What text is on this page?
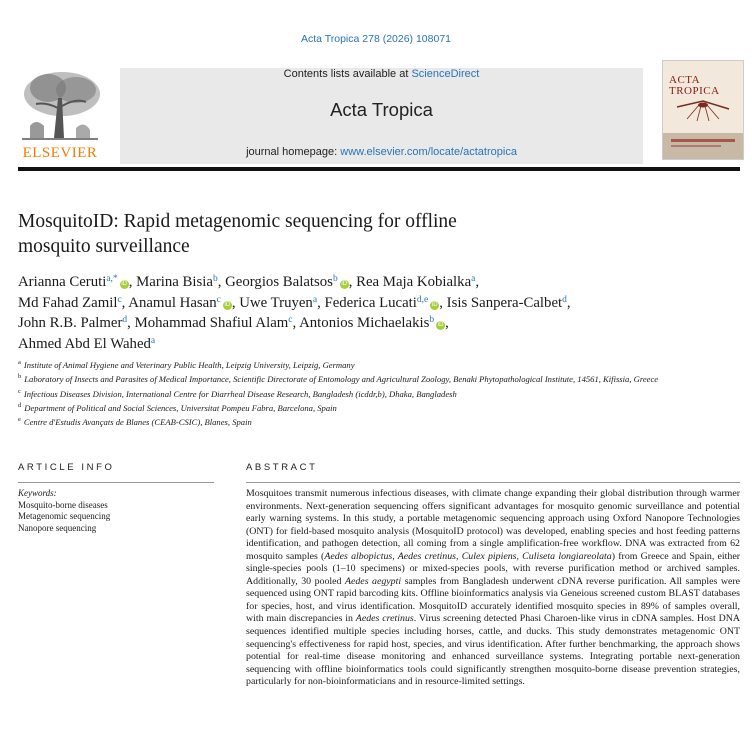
Acta Tropica 278 (2026) 108071
ELSEVIER
Contents lists available at ScienceDirect
Acta Tropica
journal homepage: www.elsevier.com/locate/actatropica
ACTA
TROPICA
MosquitoID: Rapid metagenomic sequencing for offline
mosquito surveillance
Arianna Ceruti$^{a,*}$ iD , Marina Bisia$^b$, Georgios Balatsos$^b$ iD , Rea Maja Kobialka$^a$,
Md Fahad Zamil$^c$, Anamul Hasan$^c$ iD , Uwe Truyen$^a$, Federica Lucati$^{d,e}$ iD , Isis Sanpera-Calbet$^d$,
John R.B. Palmer$^d$, Mohammad Shafiul Alam$^c$, Antonios Michaelakis$^b$ iD ,
Ahmed Abd El Wahed$^a$
$^a$ Institute of Animal Hygiene and Veterinary Public Health, Leipzig University, Leipzig, Germany
$^b$ Laboratory of Insects and Parasites of Medical Importance, Scientific Directorate of Entomology and Agricultural Zoology, Benaki Phytopathological Institute, 14561, Kifissia, Greece
$^c$ Infectious Diseases Division, International Centre for Diarrheal Disease Research, Bangladesh (icddr,b), Dhaka, Bangladesh
$^d$ Department of Political and Social Sciences, Universitat Pompeu Fabra, Barcelona, Spain
$^e$ Centre d'Estudis Avançats de Blanes (CEAB-CSIC), Blanes, Spain
ARTICLE INFO	ABSTRACT
Keywords:
Mosquito-borne diseases
Metagenomic sequencing
Nanopore sequencing
Mosquitoes transmit numerous infectious diseases, with climate change expanding their global distribution through warmer environments. Next-generation sequencing offers significant advantages for mosquito genomic surveillance and potential early warning systems. In this study, a portable metagenomic sequencing approach using Oxford Nanopore Technologies (ONT) for field-based mosquito analysis (MosquitoID protocol) was developed, enabling species and host feeding patterns identification, and pathogen detection, all coming from a single amplification-free workflow. DNA was extracted from 62 mosquito samples (Aedes albopictus, Aedes cretinus, Culex pipiens, Culiseta longiareolata) from Greece and Spain, either single-species pools (1–10 specimens) or mixed-species pools, with reverse purification method or archived samples. Additionally, 30 pooled Aedes aegypti samples from Bangladesh underwent cDNA reverse purification. All samples were sequenced using ONT rapid barcoding kits. Offline bioinformatics analysis via Geneious screened custom BLAST databases for species, host, and virus identification. MosquitoID accurately identified mosquito species in 89% of samples overall, with main discrepancies in Aedes cretinus. Virus screening detected Phasi Charoen-like virus in cDNA samples. Host DNA sequences identified multiple species including horses, cattle, and ducks. This study demonstrates metagenomic ONT sequencing's effectiveness for rapid host, species, and virus identification. After further benchmarking, the approach shows potential for real-time disease monitoring and enhanced surveillance systems. Integrating portable next-generation sequencing with offline bioinformatics tools could significantly strengthen mosquito-borne disease prevention strategies, particularly for non-bioinformaticians and in resource-limited settings.
